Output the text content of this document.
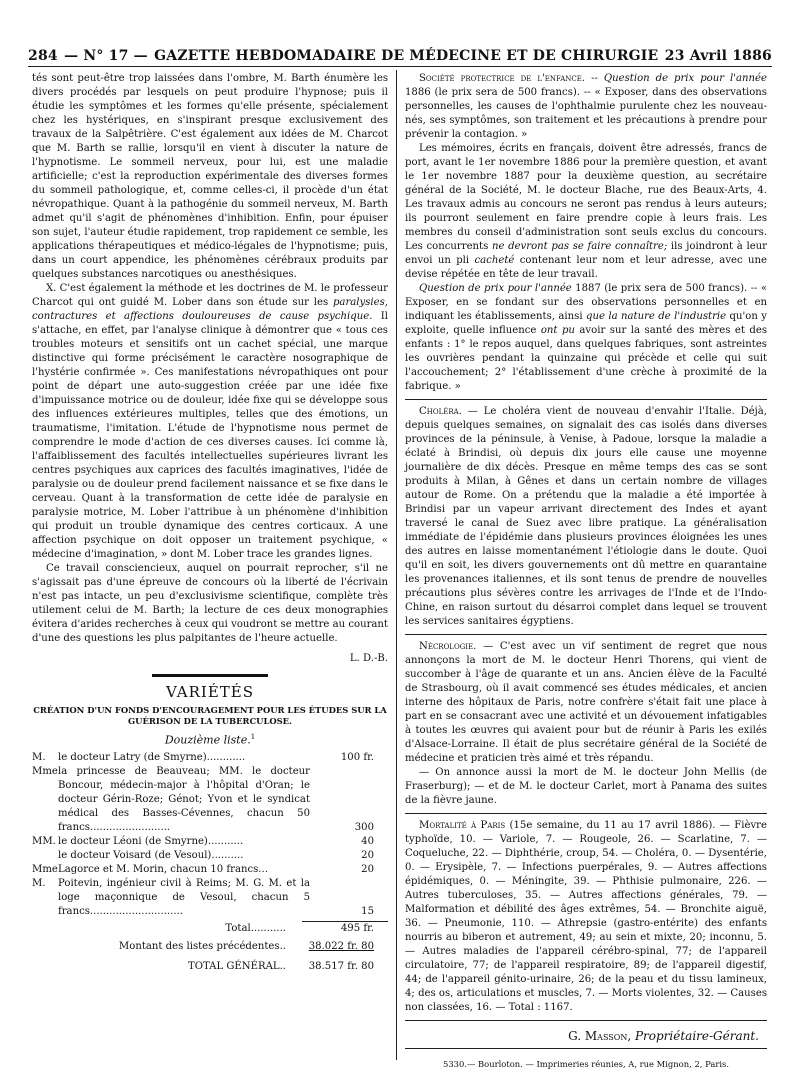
284 — N° 17 — GAZETTE HEBDOMADAIRE DE MÉDECINE ET DE CHIRURGIE 23 Avril 1886

tés sont peut-être trop laissées dans l'ombre, M. Barth énumère les divers procédés par lesquels on peut produire l'hypnose; puis il étudie les symptômes et les formes qu'elle présente, spécialement chez les hystériques, en s'inspirant presque exclusivement des travaux de la Salpêtrière. C'est également aux idées de M. Charcot que M. Barth se rallie, lorsqu'il en vient à discuter la nature de l'hypnotisme. Le sommeil nerveux, pour lui, est une maladie artificielle; c'est la reproduction expérimentale des diverses formes du sommeil pathologique, et, comme celles-ci, il procède d'un état névropathique. Quant à la pathogénie du sommeil nerveux, M. Barth admet qu'il s'agit de phénomènes d'inhibition. Enfin, pour épuiser son sujet, l'auteur étudie rapidement, trop rapidement ce semble, les applications thérapeutiques et médico-légales de l'hypnotisme; puis, dans un court appendice, les phénomènes cérébraux produits par quelques substances narcotiques ou anesthésiques.

X. C'est également la méthode et les doctrines de M. le professeur Charcot qui ont guidé M. Lober dans son étude sur les paralysies, contractures et affections douloureuses de cause psychique. Il s'attache, en effet, par l'analyse clinique à démontrer que « tous ces troubles moteurs et sensitifs ont un cachet spécial, une marque distinctive qui forme précisément le caractère nosographique de l'hystérie confirmée ». Ces manifestations névropathiques ont pour point de départ une auto-suggestion créée par une idée fixe d'impuissance motrice ou de douleur, idée fixe qui se développe sous des influences extérieures multiples, telles que des émotions, un traumatisme, l'imitation. L'étude de l'hypnotisme nous permet de comprendre le mode d'action de ces diverses causes. Ici comme là, l'affaiblissement des facultés intellectuelles supérieures livrant les centres psychiques aux caprices des facultés imaginatives, l'idée de paralysie ou de douleur prend facilement naissance et se fixe dans le cerveau. Quant à la transformation de cette idée de paralysie en paralysie motrice, M. Lober l'attribue à un phénomène d'inhibition qui produit un trouble dynamique des centres corticaux. A une affection psychique on doit opposer un traitement psychique, « médecine d'imagination, » dont M. Lober trace les grandes lignes.

Ce travail consciencieux, auquel on pourrait reprocher, s'il ne s'agissait pas d'une épreuve de concours où la liberté de l'écrivain n'est pas intacte, un peu d'exclusivisme scientifique, complète très utilement celui de M. Barth; la lecture de ces deux monographies évitera d'arides recherches à ceux qui voudront se mettre au courant d'une des questions les plus palpitantes de l'heure actuelle.

L. D.-B.
VARIÉTÉS
CRÉATION D'UN FONDS D'ENCOURAGEMENT POUR LES ÉTUDES SUR LA GUÉRISON DE LA TUBERCULOSE.
Douzième liste.$^1$
M.	le docteur Latry (de Smyrne)............	100 fr.
Mme	la princesse de Beauveau; MM. le docteur Boncour, médecin-major à l'hôpital d'Oran; le docteur Gérin-Roze; Génot; Yvon et le syndicat médical des Basses-Cévennes, chacun 50 francs.........................	300
MM.	le docteur Léoni (de Smyrne)...........	40
	le docteur Voisard (de Vesoul)..........	20
Mme	Lagorce et M. Morin, chacun 10 francs...	20
M.	Poitevin, ingénieur civil à Reims; M. G. M. et la loge maçonnique de Vesoul, chacun 5 francs.............................	15
Total...........	495 fr.
Montant des listes précédentes..	38.022 fr. 80
TOTAL GÉNÉRAL..	38.517 fr. 80

Société protectrice de l'enfance. -- Question de prix pour l'année 1886 (le prix sera de 500 francs). -- « Exposer, dans des observations personnelles, les causes de l'ophthalmie purulente chez les nouveau-nés, ses symptômes, son traitement et les précautions à prendre pour prévenir la contagion. »

Les mémoires, écrits en français, doivent être adressés, francs de port, avant le 1er novembre 1886 pour la première question, et avant le 1er novembre 1887 pour la deuxième question, au secrétaire général de la Société, M. le docteur Blache, rue des Beaux-Arts, 4. Les travaux admis au concours ne seront pas rendus à leurs auteurs; ils pourront seulement en faire prendre copie à leurs frais. Les membres du conseil d'administration sont seuls exclus du concours. Les concurrents ne devront pas se faire connaître; ils joindront à leur envoi un pli cacheté contenant leur nom et leur adresse, avec une devise répétée en tête de leur travail.

Question de prix pour l'année 1887 (le prix sera de 500 francs). -- « Exposer, en se fondant sur des observations personnelles et en indiquant les établissements, ainsi que la nature de l'industrie qu'on y exploite, quelle influence ont pu avoir sur la santé des mères et des enfants : 1° le repos auquel, dans quelques fabriques, sont astreintes les ouvrières pendant la quinzaine qui précède et celle qui suit l'accouchement; 2° l'établissement d'une crèche à proximité de la fabrique. »

Choléra. — Le choléra vient de nouveau d'envahir l'Italie. Déjà, depuis quelques semaines, on signalait des cas isolés dans diverses provinces de la péninsule, à Venise, à Padoue, lorsque la maladie a éclaté à Brindisi, où depuis dix jours elle cause une moyenne journalière de dix décès. Presque en même temps des cas se sont produits à Milan, à Gênes et dans un certain nombre de villages autour de Rome. On a prétendu que la maladie a été importée à Brindisi par un vapeur arrivant directement des Indes et ayant traversé le canal de Suez avec libre pratique. La généralisation immédiate de l'épidémie dans plusieurs provinces éloignées les unes des autres en laisse momentanément l'étiologie dans le doute. Quoi qu'il en soit, les divers gouvernements ont dû mettre en quarantaine les provenances italiennes, et ils sont tenus de prendre de nouvelles précautions plus sévères contre les arrivages de l'Inde et de l'Indo-Chine, en raison surtout du désarroi complet dans lequel se trouvent les services sanitaires égyptiens.

Nécrologie. — C'est avec un vif sentiment de regret que nous annonçons la mort de M. le docteur Henri Thorens, qui vient de succomber à l'âge de quarante et un ans. Ancien élève de la Faculté de Strasbourg, où il avait commencé ses études médicales, et ancien interne des hôpitaux de Paris, notre confrère s'était fait une place à part en se consacrant avec une activité et un dévouement infatigables à toutes les œuvres qui avaient pour but de réunir à Paris les exilés d'Alsace-Lorraine. Il était de plus secrétaire général de la Société de médecine et praticien très aimé et très répandu.

— On annonce aussi la mort de M. le docteur John Mellis (de Fraserburg); — et de M. le docteur Carlet, mort à Panama des suites de la fièvre jaune.

Mortalité à Paris (15e semaine, du 11 au 17 avril 1886). — Fièvre typhoïde, 10. — Variole, 7. — Rougeole, 26. — Scarlatine, 7. — Coqueluche, 22. — Diphthérie, croup, 54. — Choléra, 0. — Dysentérie, 0. — Erysipèle, 7. — Infections puerpérales, 9. — Autres affections épidémiques, 0. — Méningite, 39. — Phthisie pulmonaire, 226. — Autres tuberculoses, 35. — Autres affections générales, 79. — Malformation et débilité des âges extrêmes, 54. — Bronchite aiguë, 36. — Pneumonie, 110. — Athrepsie (gastro-entérite) des enfants nourris au biberon et autrement, 49; au sein et mixte, 20; inconnu, 5. — Autres maladies de l'appareil cérébro-spinal, 77; de l'appareil circulatoire, 77; de l'appareil respiratoire, 89; de l'appareil digestif, 44; de l'appareil génito-urinaire, 26; de la peau et du tissu lamineux, 4; des os, articulations et muscles, 7. — Morts violentes, 32. — Causes non classées, 16. — Total : 1167.

G. Masson, Propriétaire-Gérant.
5330.— Bourloton. — Imprimeries réunies, A, rue Mignon, 2, Paris.
